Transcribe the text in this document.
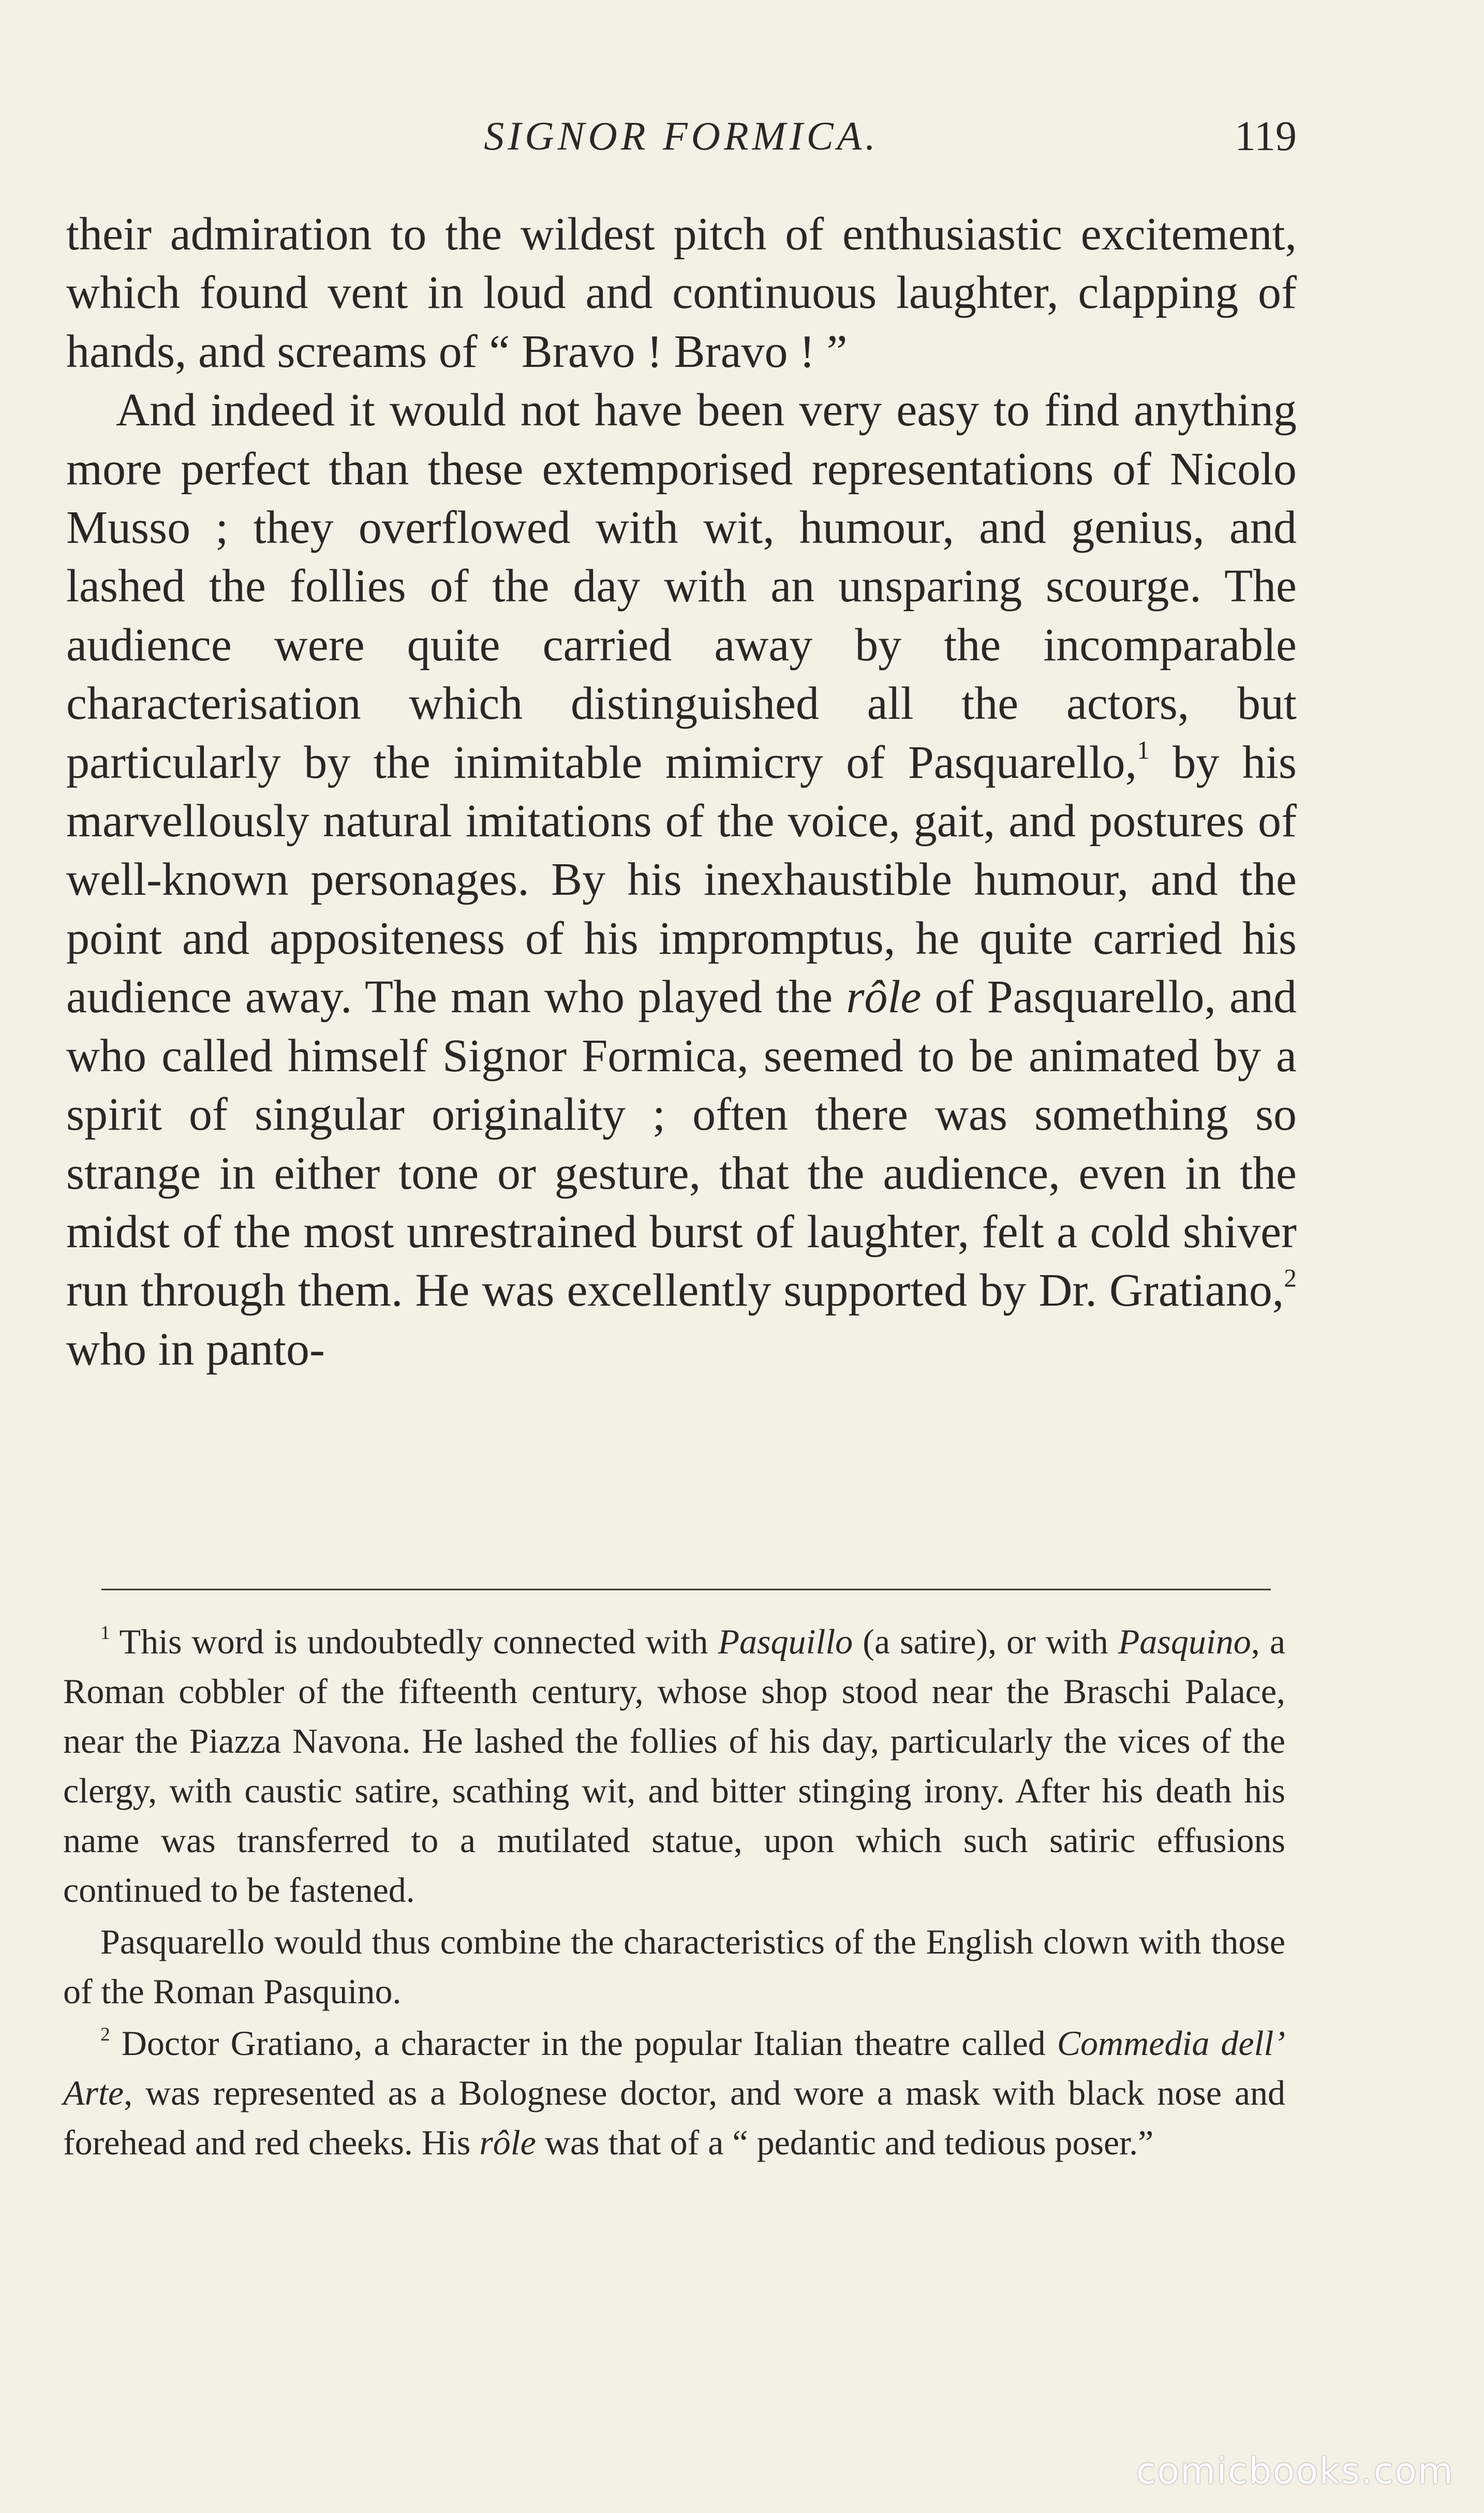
SIGNOR FORMICA.	119

their admiration to the wildest pitch of enthusiastic excitement, which found vent in loud and continuous laughter, clapping of hands, and screams of “ Bravo ! Bravo ! ”

And indeed it would not have been very easy to find anything more perfect than these extemporised representations of Nicolo Musso ; they overflowed with wit, humour, and genius, and lashed the follies of the day with an unsparing scourge. The audience were quite carried away by the incomparable characterisation which distinguished all the actors, but particularly by the inimitable mimicry of Pasquarello,$^1$ by his marvellously natural imitations of the voice, gait, and postures of well-known personages. By his inexhaustible humour, and the point and appositeness of his impromptus, he quite carried his audience away. The man who played the rôle of Pasquarello, and who called himself Signor Formica, seemed to be animated by a spirit of singular originality ; often there was something so strange in either tone or gesture, that the audience, even in the midst of the most unrestrained burst of laughter, felt a cold shiver run through them. He was excellently supported by Dr. Gratiano,$^2$ who in panto-

$^1$ This word is undoubtedly connected with Pasquillo (a satire), or with Pasquino, a Roman cobbler of the fifteenth century, whose shop stood near the Braschi Palace, near the Piazza Navona. He lashed the follies of his day, particularly the vices of the clergy, with caustic satire, scathing wit, and bitter stinging irony. After his death his name was transferred to a mutilated statue, upon which such satiric effusions continued to be fastened.

Pasquarello would thus combine the characteristics of the English clown with those of the Roman Pasquino.

$^2$ Doctor Gratiano, a character in the popular Italian theatre called Commedia dell’ Arte, was represented as a Bolognese doctor, and wore a mask with black nose and forehead and red cheeks. His rôle was that of a “ pedantic and tedious poser.”

comicbooks.com
